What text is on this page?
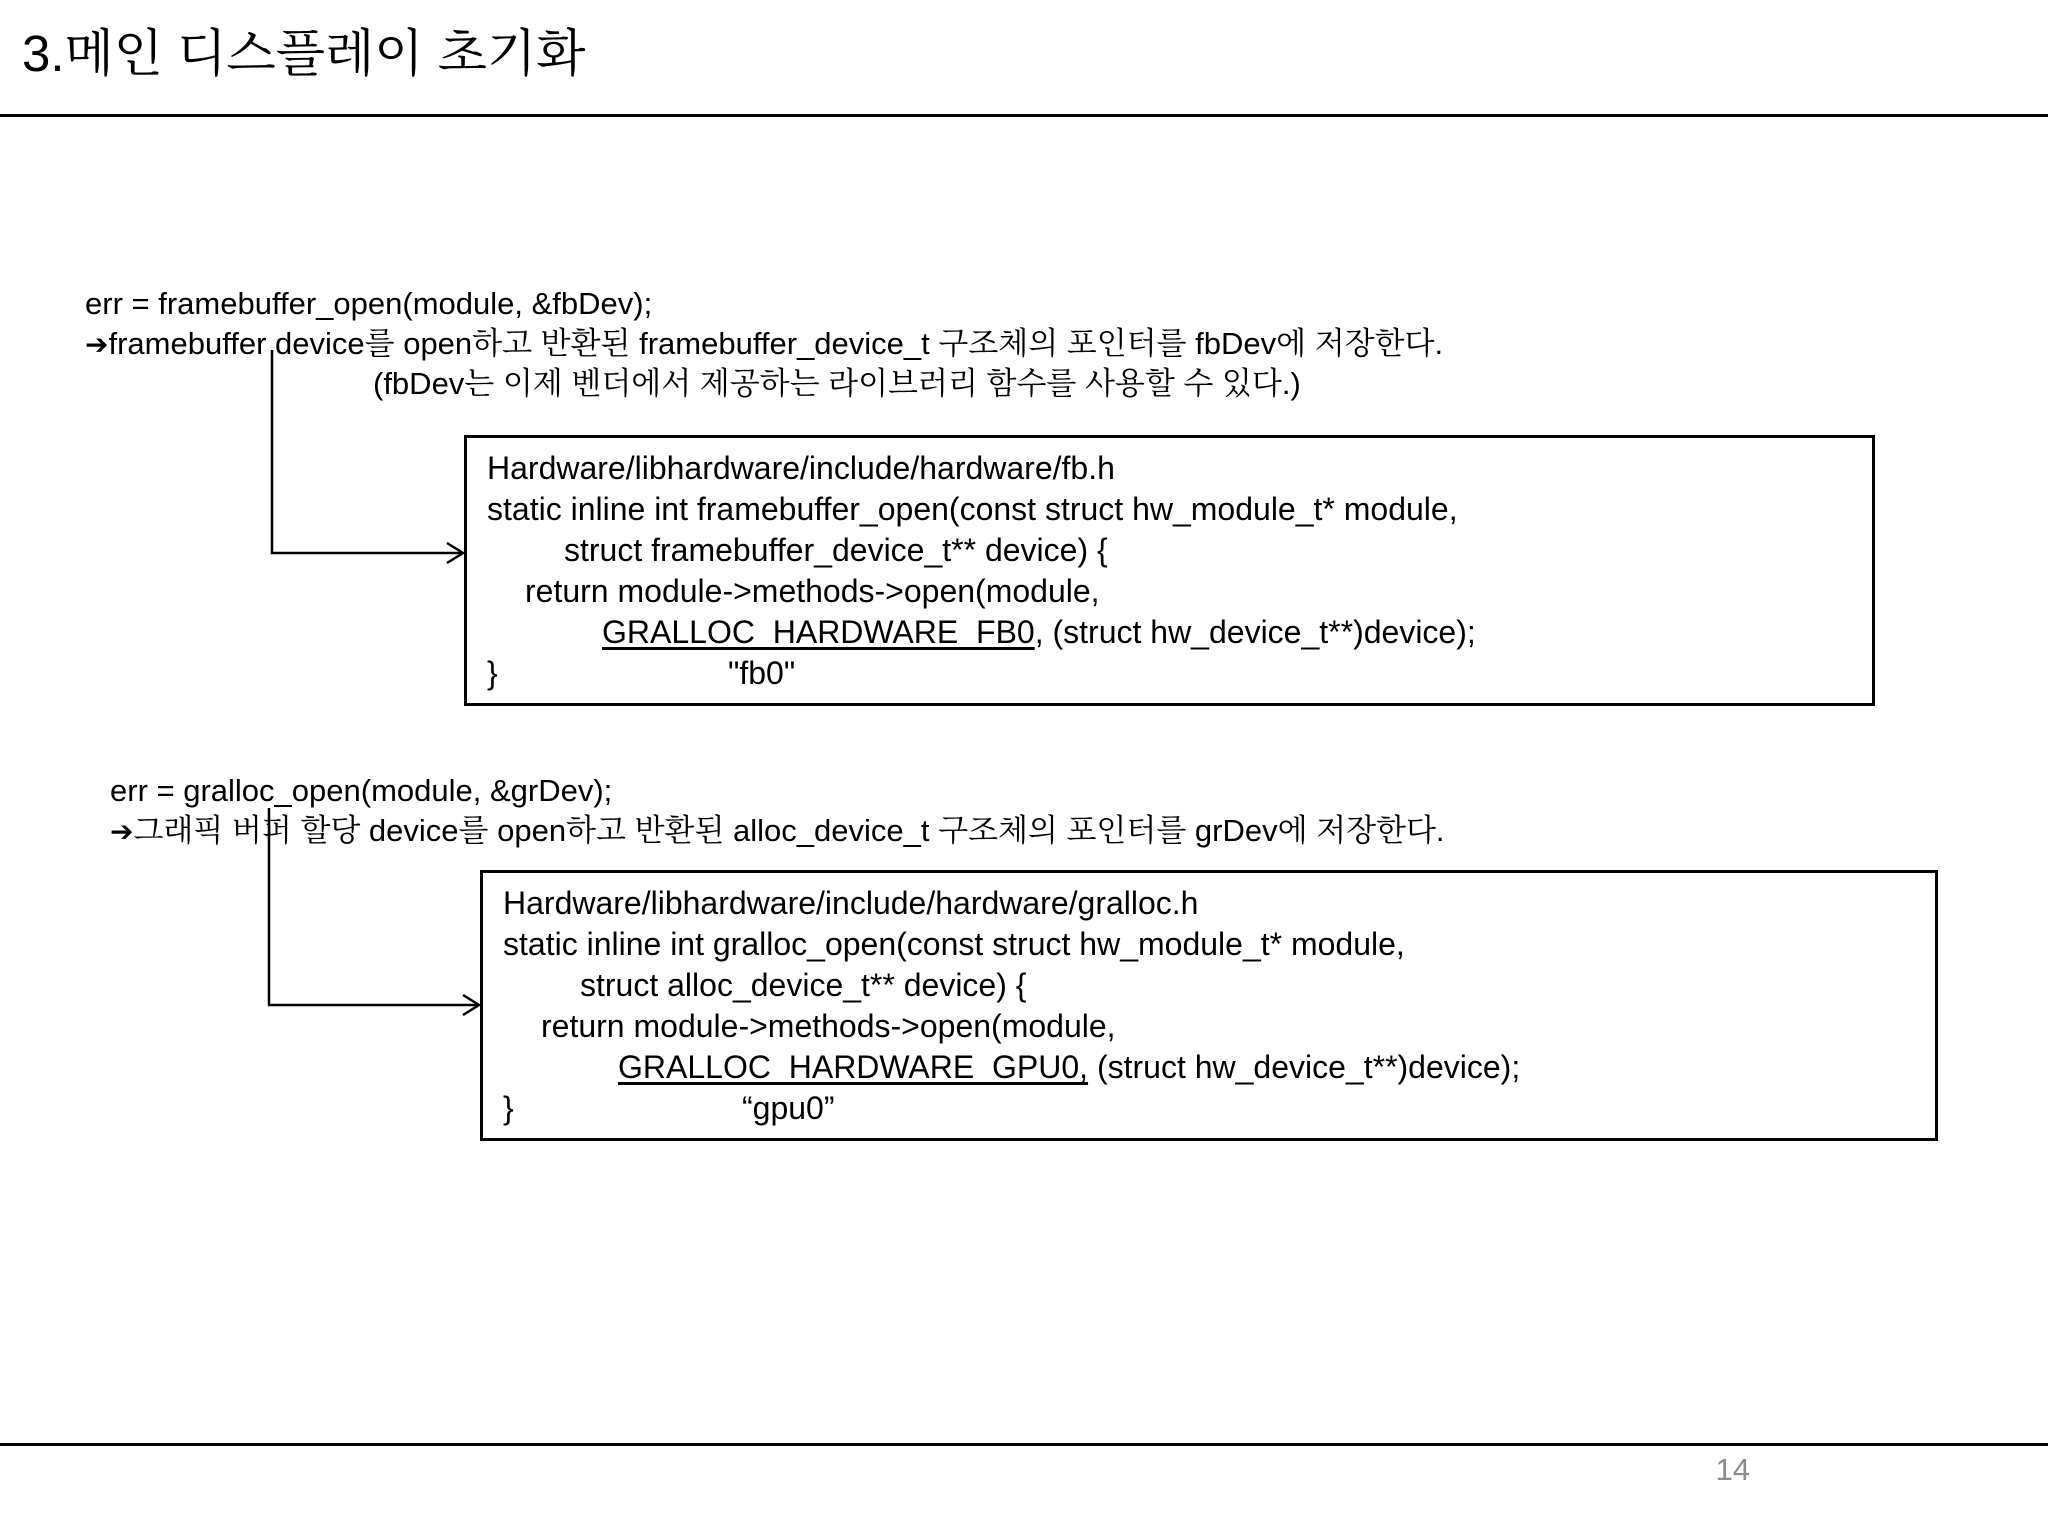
3.메인 디스플레이 초기화
err = framebuffer_open(module, &fbDev);
➔framebuffer device를 open하고 반환된 framebuffer_device_t 구조체의 포인터를 fbDev에 저장한다.
(fbDev는 이제 벤더에서 제공하는 라이브러리 함수를 사용할 수 있다.)
Hardware/libhardware/include/hardware/fb.h
static inline int framebuffer_open(const struct hw_module_t* module,
struct framebuffer_device_t** device) {
return module->methods->open(module,
GRALLOC_HARDWARE_FB0, (struct hw_device_t**)device);
}	"fb0"
err = gralloc_open(module, &grDev);
➔그래픽 버퍼 할당 device를 open하고 반환된 alloc_device_t 구조체의 포인터를 grDev에 저장한다.
Hardware/libhardware/include/hardware/gralloc.h
static inline int gralloc_open(const struct hw_module_t* module,
struct alloc_device_t** device) {
return module->methods->open(module,
GRALLOC_HARDWARE_GPU0, (struct hw_device_t**)device);
}	“gpu0”
14
